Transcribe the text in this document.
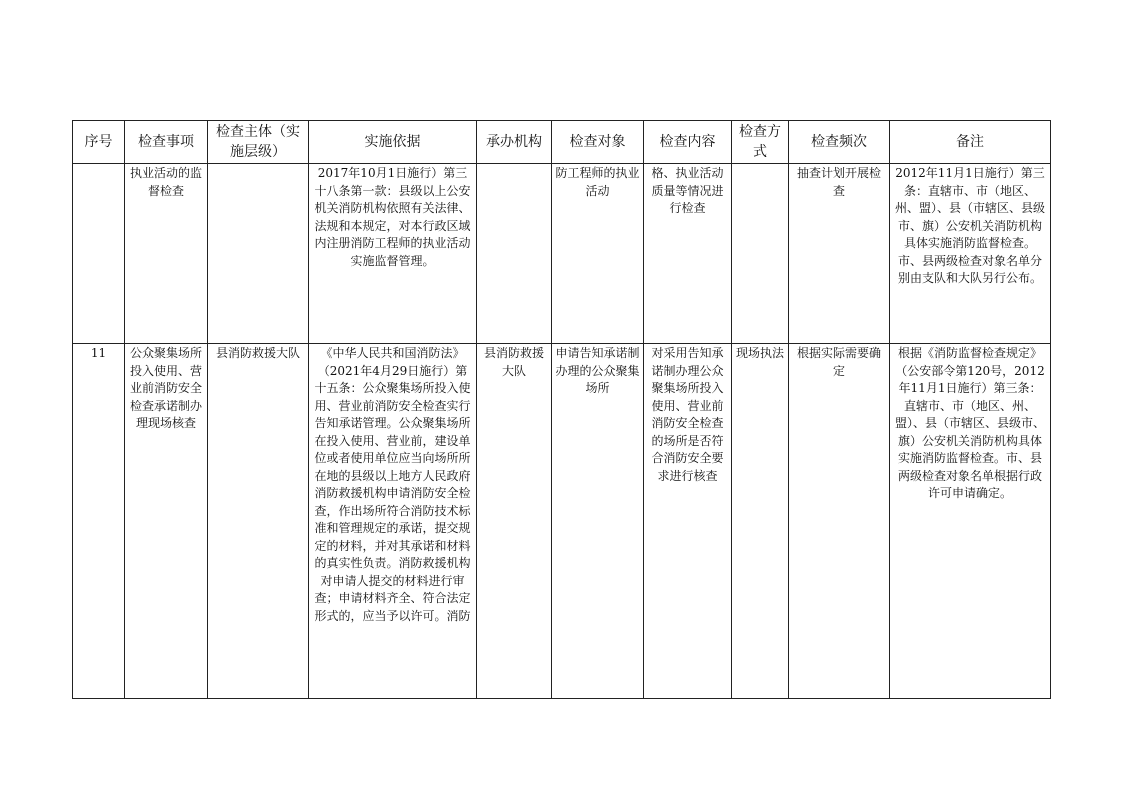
序号	检查事项	检查主体（实施层级）	实施依据	承办机构	检查对象	检查内容	检查方式	检查频次	备注
	执业活动的监督检查		2017年10月1日施行）第三十八条第一款：县级以上公安机关消防机构依照有关法律、法规和本规定，对本行政区域内注册消防工程师的执业活动实施监督管理。		防工程师的执业活动	格、执业活动质量等情况进行检查		抽查计划开展检查	2012年11月1日施行）第三条：直辖市、市（地区、州、盟）、县（市辖区、县级市、旗）公安机关消防机构具体实施消防监督检查。市、县两级检查对象名单分别由支队和大队另行公布。
11	公众聚集场所投入使用、营业前消防安全检查承诺制办理现场核查	县消防救援大队	《中华人民共和国消防法》（2021年4月29日施行）第十五条：公众聚集场所投入使用、营业前消防安全检查实行告知承诺管理。公众聚集场所在投入使用、营业前，建设单位或者使用单位应当向场所所在地的县级以上地方人民政府消防救援机构申请消防安全检查，作出场所符合消防技术标准和管理规定的承诺，提交规定的材料，并对其承诺和材料的真实性负责。消防救援机构对申请人提交的材料进行审查；申请材料齐全、符合法定形式的，应当予以许可。消防	县消防救援大队	申请告知承诺制办理的公众聚集场所	对采用告知承诺制办理公众聚集场所投入使用、营业前消防安全检查的场所是否符合消防安全要求进行核查	现场执法	根据实际需要确定	根据《消防监督检查规定》（公安部令第120号，2012年11月1日施行）第三条：直辖市、市（地区、州、盟）、县（市辖区、县级市、旗）公安机关消防机构具体实施消防监督检查。市、县两级检查对象名单根据行政许可申请确定。
